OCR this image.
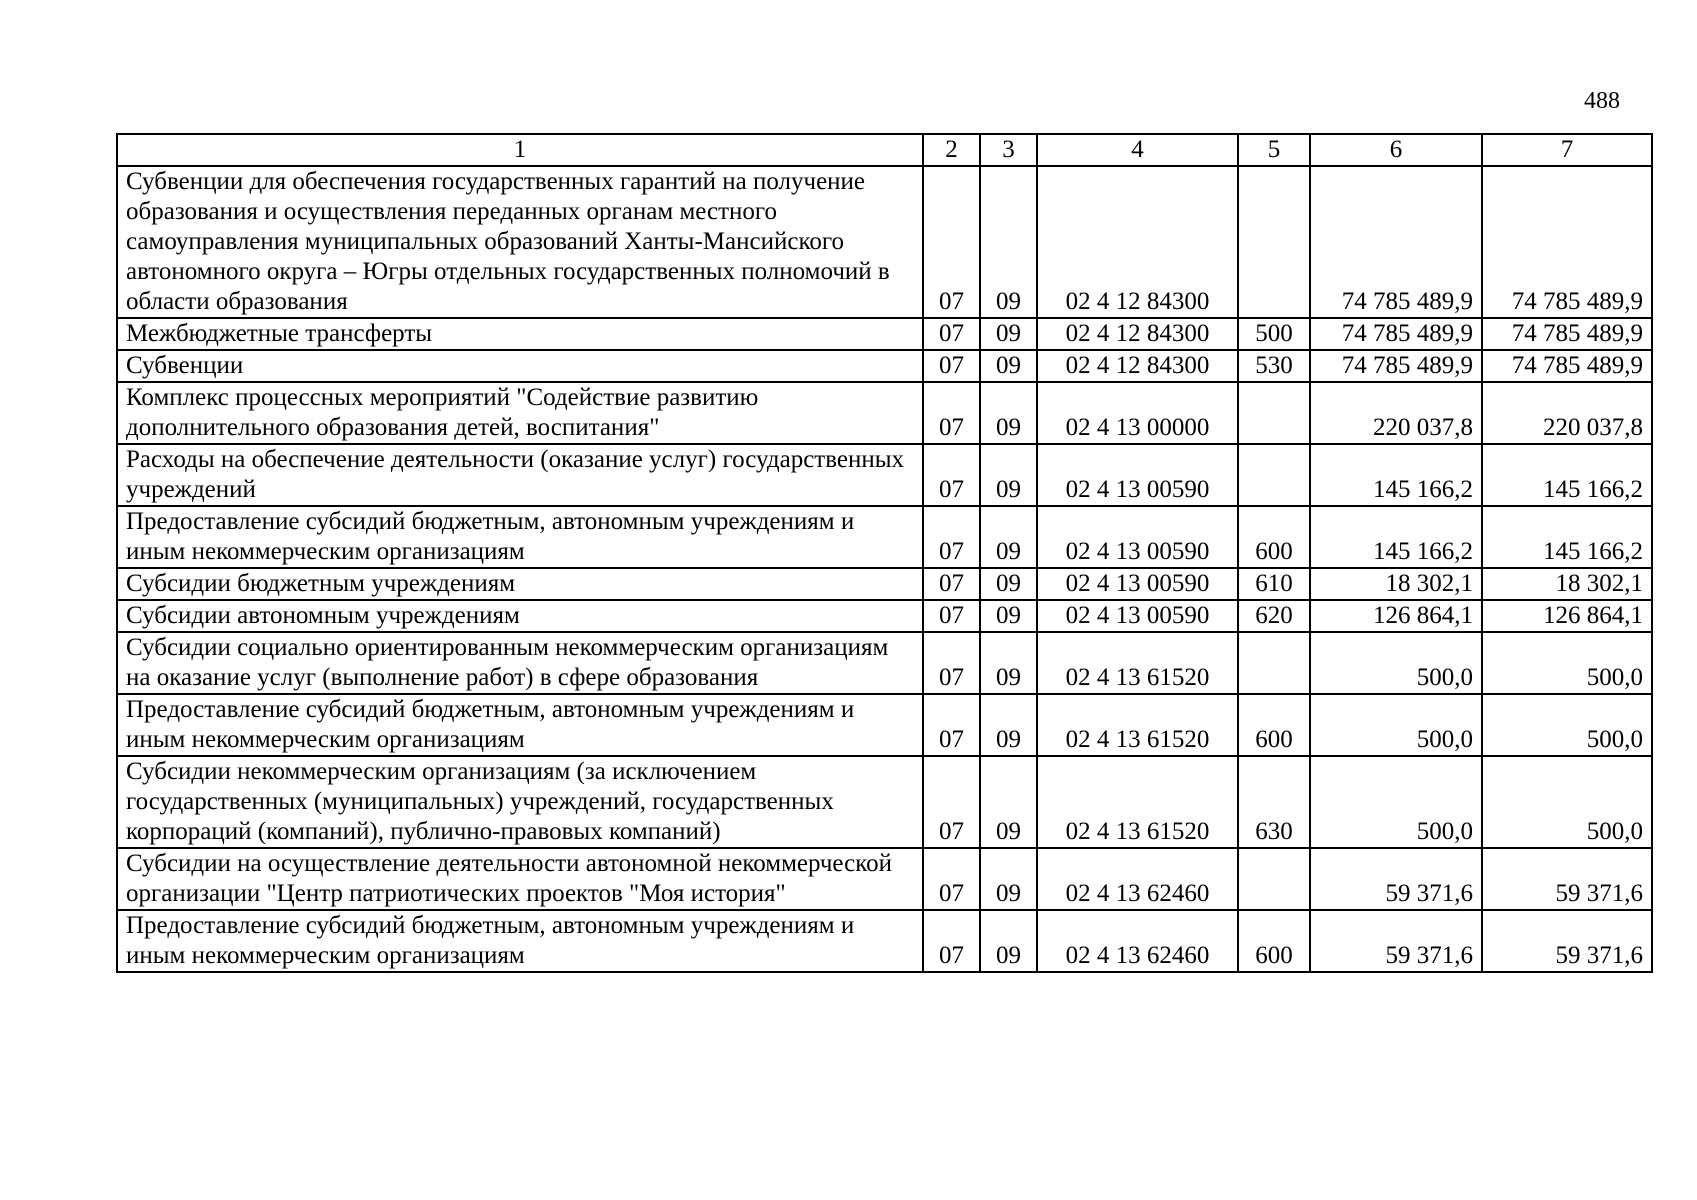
488
1	2	3	4	5	6	7
Субвенции для обеспечения государственных гарантий на получение образования и осуществления переданных органам местного самоуправления муниципальных образований Ханты-Мансийского автономного округа – Югры отдельных государственных полномочий в области образования	07	09	02 4 12 84300		74 785 489,9	74 785 489,9
Межбюджетные трансферты	07	09	02 4 12 84300	500	74 785 489,9	74 785 489,9
Субвенции	07	09	02 4 12 84300	530	74 785 489,9	74 785 489,9
Комплекс процессных мероприятий "Содействие развитию дополнительного образования детей, воспитания"	07	09	02 4 13 00000		220 037,8	220 037,8
Расходы на обеспечение деятельности (оказание услуг) государственных учреждений	07	09	02 4 13 00590		145 166,2	145 166,2
Предоставление субсидий бюджетным, автономным учреждениям и иным некоммерческим организациям	07	09	02 4 13 00590	600	145 166,2	145 166,2
Субсидии бюджетным учреждениям	07	09	02 4 13 00590	610	18 302,1	18 302,1
Субсидии автономным учреждениям	07	09	02 4 13 00590	620	126 864,1	126 864,1
Субсидии социально ориентированным некоммерческим организациям на оказание услуг (выполнение работ) в сфере образования	07	09	02 4 13 61520		500,0	500,0
Предоставление субсидий бюджетным, автономным учреждениям и иным некоммерческим организациям	07	09	02 4 13 61520	600	500,0	500,0
Субсидии некоммерческим организациям (за исключением государственных (муниципальных) учреждений, государственных корпораций (компаний), публично-правовых компаний)	07	09	02 4 13 61520	630	500,0	500,0
Субсидии на осуществление деятельности автономной некоммерческой организации "Центр патриотических проектов "Моя история"	07	09	02 4 13 62460		59 371,6	59 371,6
Предоставление субсидий бюджетным, автономным учреждениям и иным некоммерческим организациям	07	09	02 4 13 62460	600	59 371,6	59 371,6
